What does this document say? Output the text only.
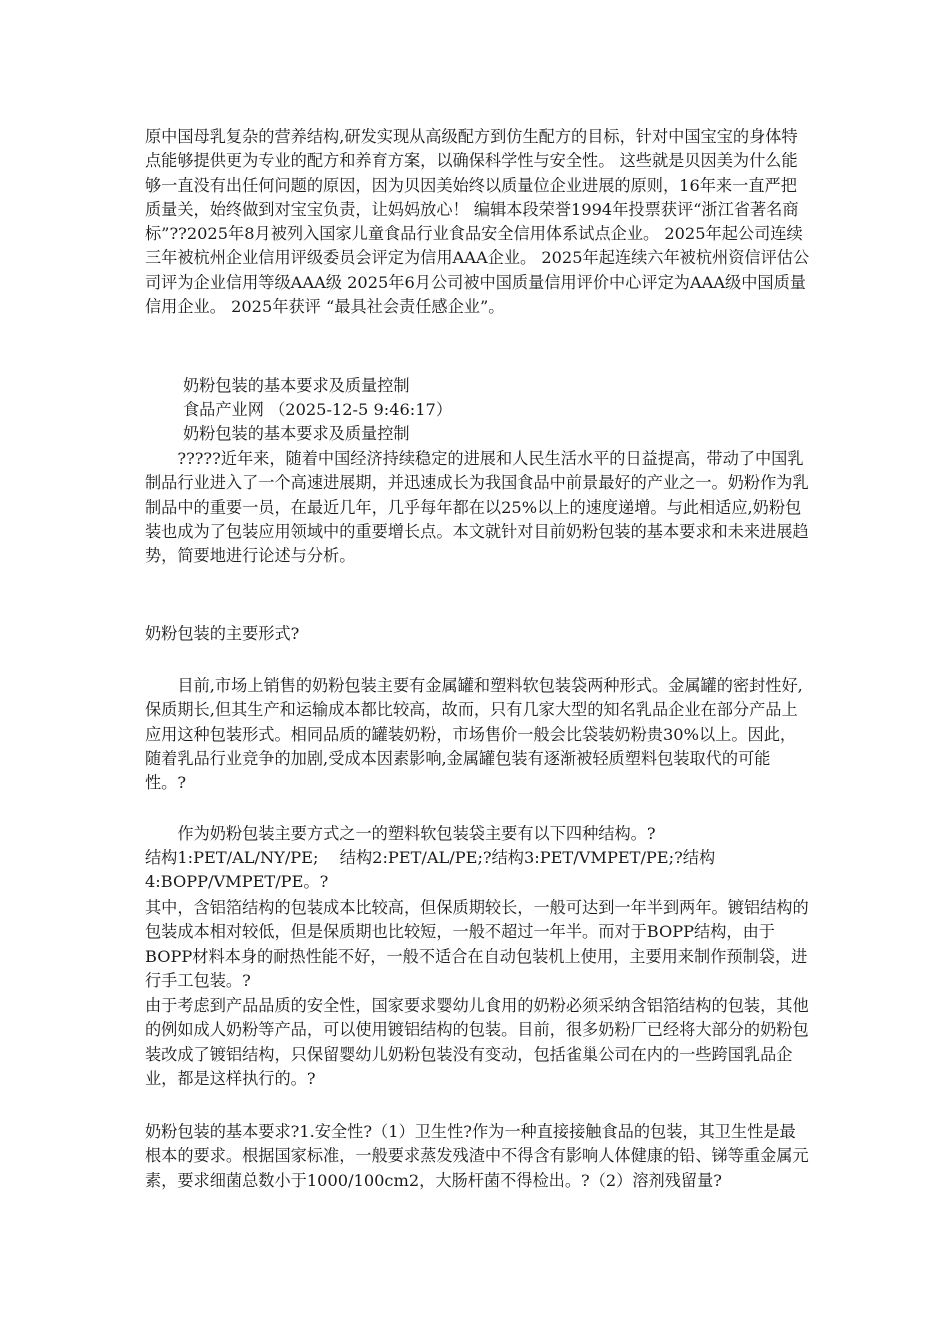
原中国母乳复杂的营养结构,研发实现从高级配方到仿生配方的目标，针对中国宝宝的身体特点能够提供更为专业的配方和养育方案，以确保科学性与安全性。 这些就是贝因美为什么能够一直没有出任何问题的原因，因为贝因美始终以质量位企业进展的原则，16年来一直严把质量关，始终做到对宝宝负责，让妈妈放心！ 编辑本段荣誉1994年投票获评“浙江省著名商标”??2025年8月被列入国家儿童食品行业食品安全信用体系试点企业。 2025年起公司连续三年被杭州企业信用评级委员会评定为信用AAA企业。 2025年起连续六年被杭州资信评估公司评为企业信用等级AAA级 2025年6月公司被中国质量信用评价中心评定为AAA级中国质量信用企业。 2025年获评 “最具社会责任感企业”。
奶粉包装的基本要求及质量控制
食品产业网 （2025-12-5 9:46:17）
奶粉包装的基本要求及质量控制
?????近年来，随着中国经济持续稳定的进展和人民生活水平的日益提高，带动了中国乳制品行业进入了一个高速进展期，并迅速成长为我国食品中前景最好的产业之一。奶粉作为乳制品中的重要一员，在最近几年，几乎每年都在以25%以上的速度递增。与此相适应,奶粉包装也成为了包装应用领域中的重要增长点。本文就针对目前奶粉包装的基本要求和未来进展趋势，简要地进行论述与分析。
奶粉包装的主要形式?
目前,市场上销售的奶粉包装主要有金属罐和塑料软包装袋两种形式。金属罐的密封性好,保质期长,但其生产和运输成本都比较高，故而，只有几家大型的知名乳品企业在部分产品上应用这种包装形式。相同品质的罐装奶粉，市场售价一般会比袋装奶粉贵30%以上。因此，随着乳品行业竞争的加剧,受成本因素影响,金属罐包装有逐渐被轻质塑料包装取代的可能性。?
作为奶粉包装主要方式之一的塑料软包装袋主要有以下四种结构。?
结构1:PET/AL/NY/PE;　 结构2:PET/AL/PE;?结构3:PET/VMPET/PE;?结构4:BOPP/VMPET/PE。?
其中，含铝箔结构的包装成本比较高，但保质期较长，一般可达到一年半到两年。镀铝结构的包装成本相对较低，但是保质期也比较短，一般不超过一年半。而对于BOPP结构，由于BOPP材料本身的耐热性能不好，一般不适合在自动包装机上使用，主要用来制作预制袋，进行手工包装。?
由于考虑到产品品质的安全性，国家要求婴幼儿食用的奶粉必须采纳含铝箔结构的包装，其他的例如成人奶粉等产品，可以使用镀铝结构的包装。目前，很多奶粉厂已经将大部分的奶粉包装改成了镀铝结构，只保留婴幼儿奶粉包装没有变动，包括雀巢公司在内的一些跨国乳品企业，都是这样执行的。?
奶粉包装的基本要求?1.安全性?（1）卫生性?作为一种直接接触食品的包装，其卫生性是最根本的要求。根据国家标准，一般要求蒸发残渣中不得含有影响人体健康的铅、锑等重金属元素，要求细菌总数小于1000/100cm2，大肠杆菌不得检出。?（2）溶剂残留量?
